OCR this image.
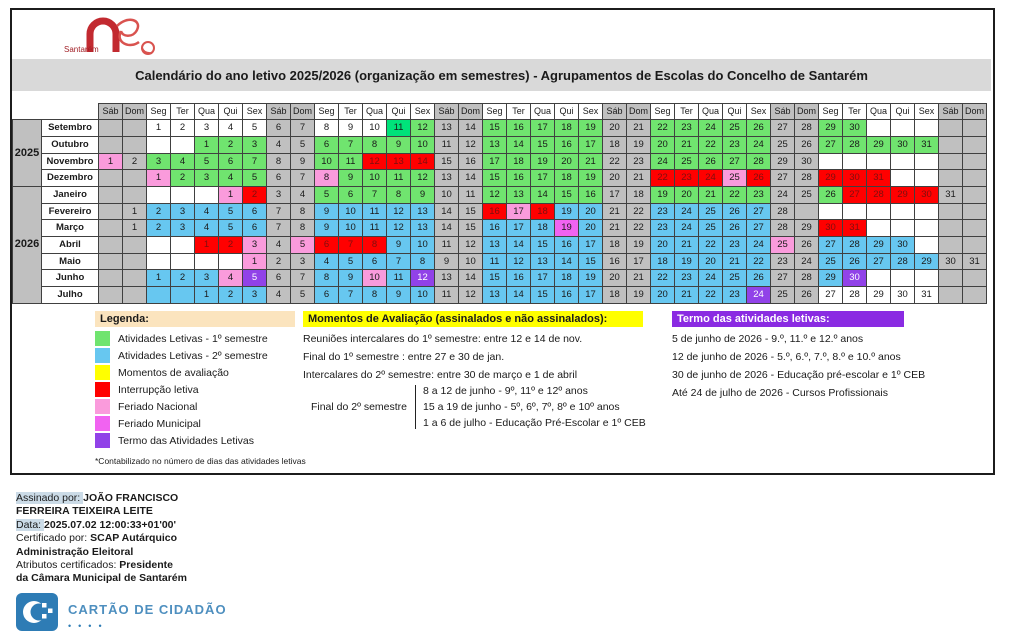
Santarém
Calendário do ano letivo 2025/2026 (organização em semestres) - Agrupamentos de Escolas do Concelho de Santarém
		Sáb	Dom	Seg	Ter	Qua	Qui	Sex	Sáb	Dom	Seg	Ter	Qua	Qui	Sex	Sáb	Dom	Seg	Ter	Qua	Qui	Sex	Sáb	Dom	Seg	Ter	Qua	Qui	Sex	Sáb	Dom	Seg	Ter	Qua	Qui	Sex	Sáb	Dom
2025	Setembro			1	2	3	4	5	6	7	8	9	10	11	12	13	14	15	16	17	18	19	20	21	22	23	24	25	26	27	28	29	30					
	Outubro					1	2	3	4	5	6	7	8	9	10	11	12	13	14	15	16	17	18	19	20	21	22	23	24	25	26	27	28	29	30	31		
	Novembro	1	2	3	4	5	6	7	8	9	10	11	12	13	14	15	16	17	18	19	20	21	22	23	24	25	26	27	28	29	30							
	Dezembro			1	2	3	4	5	6	7	8	9	10	11	12	13	14	15	16	17	18	19	20	21	22	23	24	25	26	27	28	29	30	31				
2026	Janeiro						1	2	3	4	5	6	7	8	9	10	11	12	13	14	15	16	17	18	19	20	21	22	23	24	25	26	27	28	29	30	31	
	Fevereiro		1	2	3	4	5	6	7	8	9	10	11	12	13	14	15	16	17	18	19	20	21	22	23	24	25	26	27	28								
	Março		1	2	3	4	5	6	7	8	9	10	11	12	13	14	15	16	17	18	19	20	21	22	23	24	25	26	27	28	29	30	31					
	Abril					1	2	3	4	5	6	7	8	9	10	11	12	13	14	15	16	17	18	19	20	21	22	23	24	25	26	27	28	29	30			
	Maio							1	2	3	4	5	6	7	8	9	10	11	12	13	14	15	16	17	18	19	20	21	22	23	24	25	26	27	28	29	30	31
	Junho			1	2	3	4	5	6	7	8	9	10	11	12	13	14	15	16	17	18	19	20	21	22	23	24	25	26	27	28	29	30					
	Julho					1	2	3	4	5	6	7	8	9	10	11	12	13	14	15	16	17	18	19	20	21	22	23	24	25	26	27	28	29	30	31		
Legenda:
Atividades Letivas - 1º semestre
Atividades Letivas - 2º semestre
Momentos de avaliação
Interrupção letiva
Feriado Nacional
Feriado Municipal
Termo das Atividades Letivas
*Contabilizado no número de dias das atividades letivas
Momentos de Avaliação (assinalados e não assinalados):
Reuniões intercalares do 1º semestre: entre 12 e 14 de nov.
Final do 1º semestre : entre 27 e 30 de jan.
Intercalares do 2º semestre: entre 30 de março e 1 de abril
Final do 2º semestre
8 a 12 de junho - 9º, 11º e 12º anos
15 a 19 de junho - 5º, 6º, 7º, 8º e 10º anos
1 a 6 de julho - Educação Pré-Escolar e 1º CEB
Termo das atividades letivas:
5 de junho de 2026 - 9.º, 11.º e 12.º anos
12 de junho de 2026 - 5.º, 6.º, 7.º, 8.º e 10.º anos
30 de junho de 2026 - Educação pré-escolar e 1º CEB
Até 24 de julho de 2026 - Cursos Profissionais
Assinado por: JOÃO FRANCISCO
FERREIRA TEIXEIRA LEITE
Data: 2025.07.02 12:00:33+01'00'
Certificado por: SCAP Autárquico
Administração Eleitoral
Atributos certificados: Presidente
da Câmara Municipal de Santarém
CARTÃO DE CIDADÃO
••••
